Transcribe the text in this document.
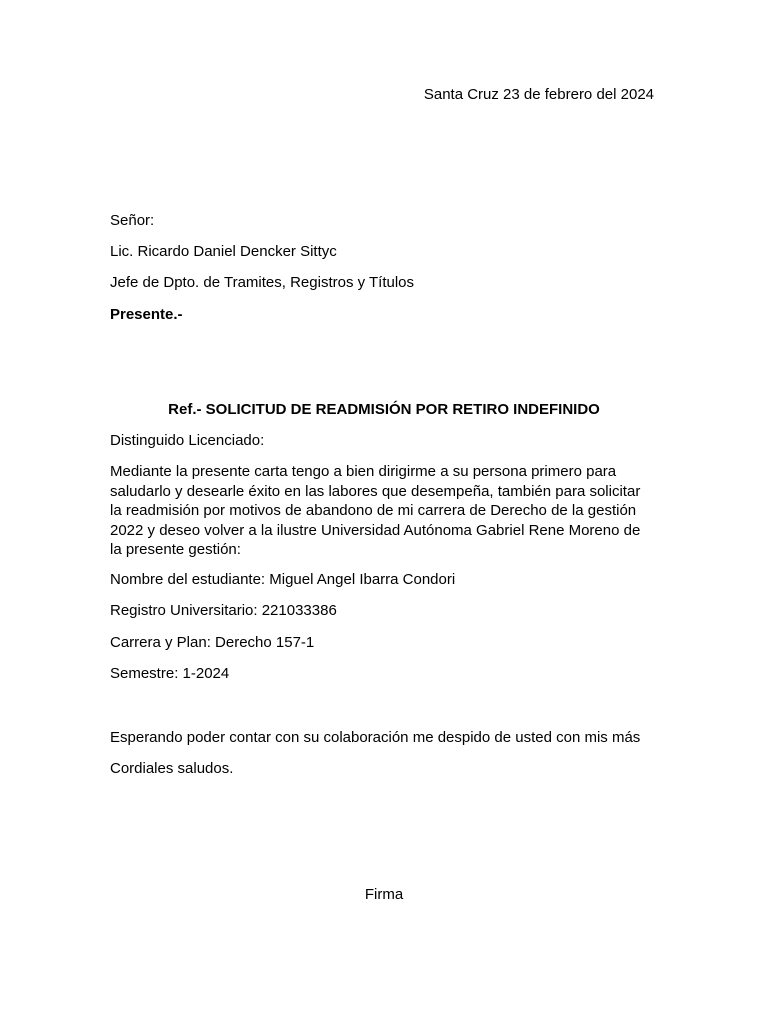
Santa Cruz 23 de febrero del 2024
Señor:
Lic. Ricardo Daniel Dencker Sittyc
Jefe de Dpto. de Tramites, Registros y Títulos
Presente.-
Ref.- SOLICITUD DE READMISIÓN POR RETIRO INDEFINIDO
Distinguido Licenciado:
Mediante la presente carta tengo a bien dirigirme a su persona primero para
saludarlo y desearle éxito en las labores que desempeña, también para solicitar
la readmisión por motivos de abandono de mi carrera de Derecho de la gestión
2022 y deseo volver a la ilustre Universidad Autónoma Gabriel Rene Moreno de
la presente gestión:
Nombre del estudiante: Miguel Angel Ibarra Condori
Registro Universitario: 221033386
Carrera y Plan: Derecho 157-1
Semestre: 1-2024
Esperando poder contar con su colaboración me despido de usted con mis más
Cordiales saludos.
Firma
